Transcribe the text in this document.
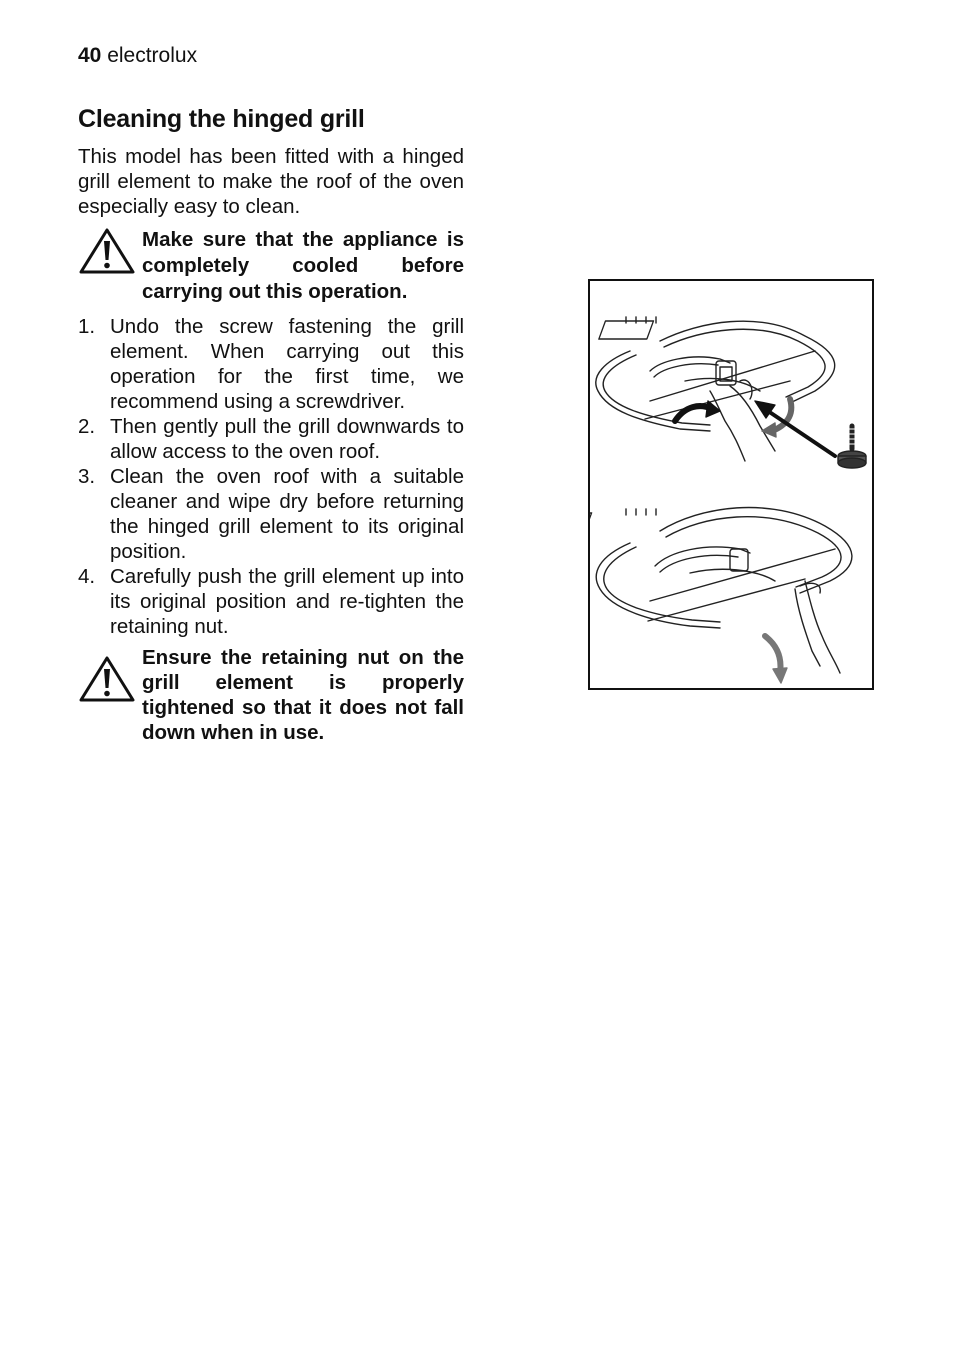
40 electrolux
Cleaning the hinged grill
This model has been fitted with a hinged grill element to make the roof of the oven especially easy to clean.
Make sure that the appliance is completely cooled before carrying out this operation.
1. Undo the screw fastening the grill element. When carrying out this operation for the first time, we recommend using a screwdriver.
2. Then gently pull the grill downwards to allow access to the oven roof.
3. Clean the oven roof with a suitable cleaner and wipe dry before returning the hinged grill element to its original position.
4. Carefully push the grill element up into its original position and re-tighten the retaining nut.
Ensure the retaining nut on the grill element is properly tightened so that it does not fall down when in use.
